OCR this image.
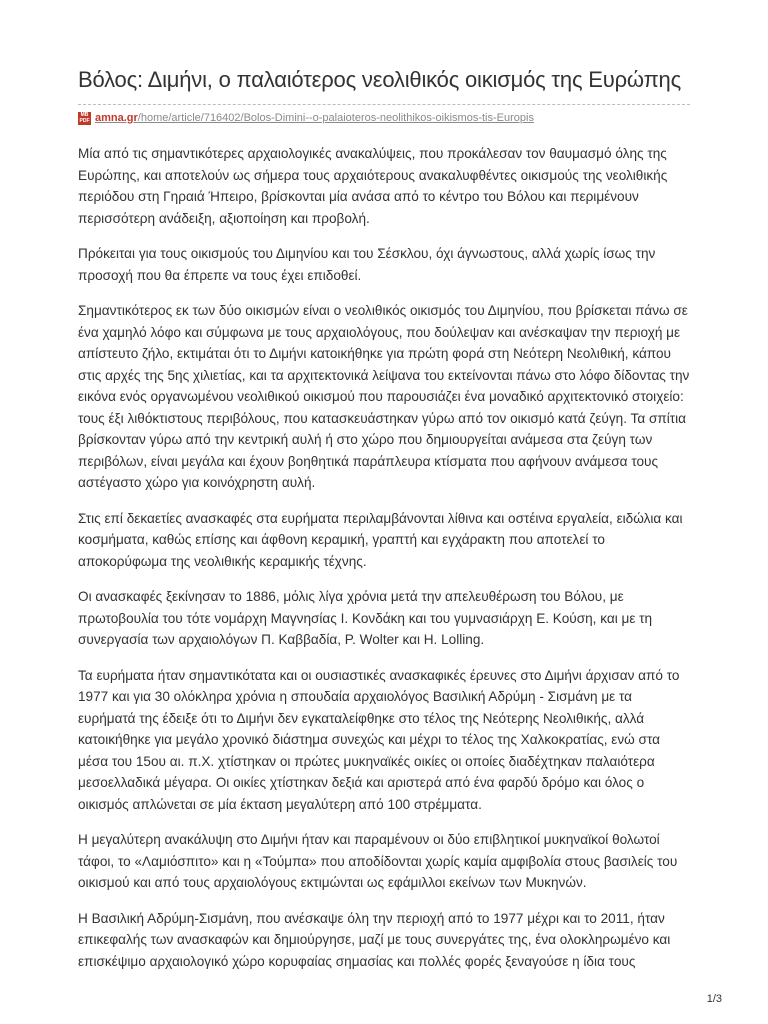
Βόλος: Διμήνι, ο παλαιότερος νεολιθικός οικισμός της Ευρώπης
MB PDF amna.gr/home/article/716402/Bolos-Dimini--o-palaioteros-neolithikos-oikismos-tis-Europis

Μία από τις σημαντικότερες αρχαιολογικές ανακαλύψεις, που προκάλεσαν τον θαυμασμό όλης της Ευρώπης, και αποτελούν ως σήμερα τους αρχαιότερους ανακαλυφθέντες οικισμούς της νεολιθικής περιόδου στη Γηραιά Ήπειρο, βρίσκονται μία ανάσα από το κέντρο του Βόλου και περιμένουν περισσότερη ανάδειξη, αξιοποίηση και προβολή.

Πρόκειται για τους οικισμούς του Διμηνίου και του Σέσκλου, όχι άγνωστους, αλλά χωρίς ίσως την προσοχή που θα έπρεπε να τους έχει επιδοθεί.

Σημαντικότερος εκ των δύο οικισμών είναι ο νεολιθικός οικισμός του Διμηνίου, που βρίσκεται πάνω σε ένα χαμηλό λόφο και σύμφωνα με τους αρχαιολόγους, που δούλεψαν και ανέσκαψαν την περιοχή με απίστευτο ζήλο, εκτιμάται ότι το Διμήνι κατοικήθηκε για πρώτη φορά στη Νεότερη Νεολιθική, κάπου στις αρχές της 5ης χιλιετίας, και τα αρχιτεκτονικά λείψανα του εκτείνονται πάνω στο λόφο δίδοντας την εικόνα ενός οργανωμένου νεολιθικού οικισμού που παρουσιάζει ένα μοναδικό αρχιτεκτονικό στοιχείο: τους έξι λιθόκτιστους περιβόλους, που κατασκευάστηκαν γύρω από τον οικισμό κατά ζεύγη. Τα σπίτια βρίσκονταν γύρω από την κεντρική αυλή ή στο χώρο που δημιουργείται ανάμεσα στα ζεύγη των περιβόλων, είναι μεγάλα και έχουν βοηθητικά παράπλευρα κτίσματα που αφήνουν ανάμεσα τους αστέγαστο χώρο για κοινόχρηστη αυλή.

Στις επί δεκαετίες ανασκαφές στα ευρήματα περιλαμβάνονται λίθινα και οστέινα εργαλεία, ειδώλια και κοσμήματα, καθώς επίσης και άφθονη κεραμική, γραπτή και εγχάρακτη που αποτελεί το αποκορύφωμα της νεολιθικής κεραμικής τέχνης.

Οι ανασκαφές ξεκίνησαν το 1886, μόλις λίγα χρόνια μετά την απελευθέρωση του Βόλου, με πρωτοβουλία του τότε νομάρχη Μαγνησίας Ι. Κονδάκη και του γυμνασιάρχη Ε. Κούση, και με τη συνεργασία των αρχαιολόγων Π. Καββαδία, P. Wolter και H. Lolling.

Τα ευρήματα ήταν σημαντικότατα και οι ουσιαστικές ανασκαφικές έρευνες στο Διμήνι άρχισαν από το 1977 και για 30 ολόκληρα χρόνια η σπουδαία αρχαιολόγος Βασιλική Αδρύμη - Σισμάνη με τα ευρήματά της έδειξε ότι το Διμήνι δεν εγκαταλείφθηκε στο τέλος της Νεότερης Νεολιθικής, αλλά κατοικήθηκε για μεγάλο χρονικό διάστημα συνεχώς και μέχρι το τέλος της Χαλκοκρατίας, ενώ στα μέσα του 15ου αι. π.Χ. χτίστηκαν οι πρώτες μυκηναϊκές οικίες οι οποίες διαδέχτηκαν παλαιότερα μεσοελλαδικά μέγαρα. Οι οικίες χτίστηκαν δεξιά και αριστερά από ένα φαρδύ δρόμο και όλος ο οικισμός απλώνεται σε μία έκταση μεγαλύτερη από 100 στρέμματα.

Η μεγαλύτερη ανακάλυψη στο Διμήνι ήταν και παραμένουν οι δύο επιβλητικοί μυκηναϊκοί θολωτοί τάφοι, το «Λαμιόσπιτο» και η «Τούμπα» που αποδίδονται χωρίς καμία αμφιβολία στους βασιλείς του οικισμού και από τους αρχαιολόγους εκτιμώνται ως εφάμιλλοι εκείνων των Μυκηνών.

Η Βασιλική Αδρύμη-Σισμάνη, που ανέσκαψε όλη την περιοχή από το 1977 μέχρι και το 2011, ήταν επικεφαλής των ανασκαφών και δημιούργησε, μαζί με τους συνεργάτες της, ένα ολοκληρωμένο και επισκέψιμο αρχαιολογικό χώρο κορυφαίας σημασίας και πολλές φορές ξεναγούσε η ίδια τους

1/3
